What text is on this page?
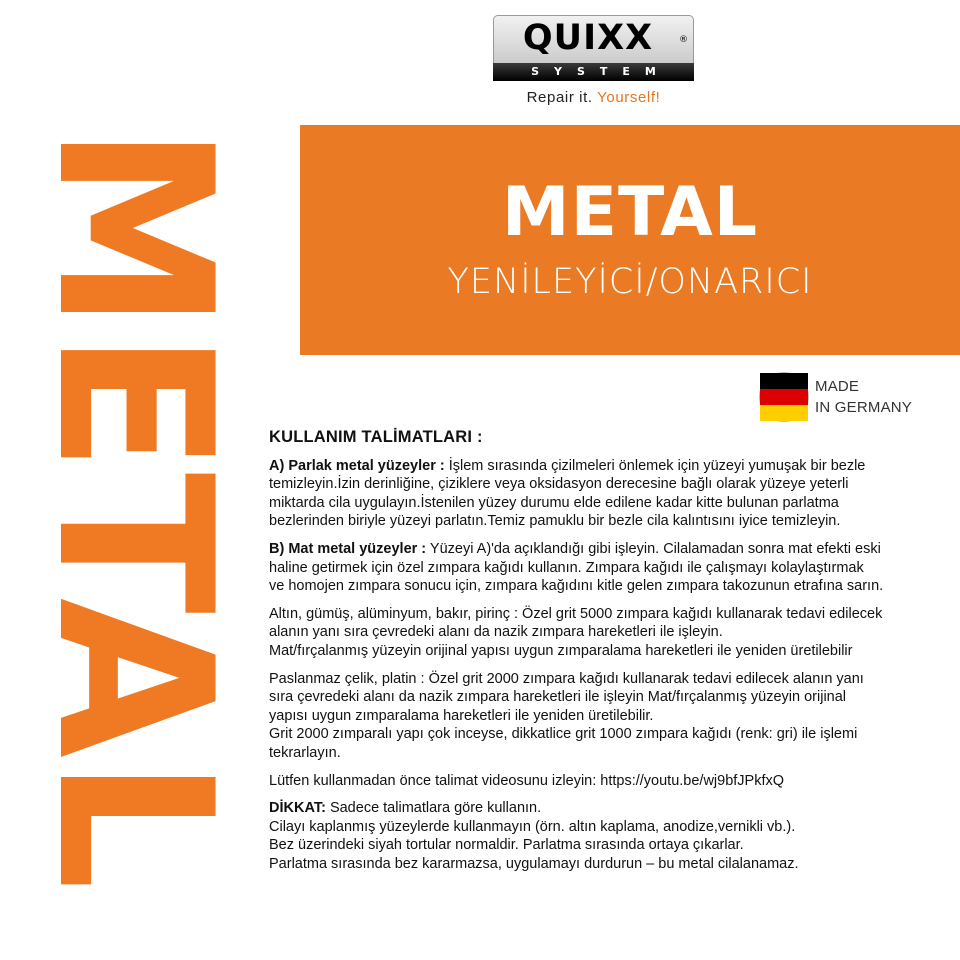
QUIXX	®
SYSTEM
Repair it. Yourself!
METAL	METAL
YENİLEYİCİ/ONARICI
MADE
IN GERMANY
KULLANIM TALİMATLARI :
A) Parlak metal yüzeyler : İşlem sırasında çizilmeleri önlemek için yüzeyi yumuşak bir bezle
temizleyin.İzin derinliğine, çiziklere veya oksidasyon derecesine bağlı olarak yüzeye yeterli
miktarda cila uygulayın.İstenilen yüzey durumu elde edilene kadar kitte bulunan parlatma
bezlerinden biriyle yüzeyi parlatın.Temiz pamuklu bir bezle cila kalıntısını iyice temizleyin.
B) Mat metal yüzeyler : Yüzeyi A)'da açıklandığı gibi işleyin. Cilalamadan sonra mat efekti eski
haline getirmek için özel zımpara kağıdı kullanın. Zımpara kağıdı ile çalışmayı kolaylaştırmak
ve homojen zımpara sonucu için, zımpara kağıdını kitle gelen zımpara takozunun etrafına sarın.
Altın, gümüş, alüminyum, bakır, pirinç : Özel grit 5000 zımpara kağıdı kullanarak tedavi edilecek
alanın yanı sıra çevredeki alanı da nazik zımpara hareketleri ile işleyin.
Mat/fırçalanmış yüzeyin orijinal yapısı uygun zımparalama hareketleri ile yeniden üretilebilir
Paslanmaz çelik, platin : Özel grit 2000 zımpara kağıdı kullanarak tedavi edilecek alanın yanı
sıra çevredeki alanı da nazik zımpara hareketleri ile işleyin Mat/fırçalanmış yüzeyin orijinal
yapısı uygun zımparalama hareketleri ile yeniden üretilebilir.
Grit 2000 zımparalı yapı çok inceyse, dikkatlice grit 1000 zımpara kağıdı (renk: gri) ile işlemi
tekrarlayın.
Lütfen kullanmadan önce talimat videosunu izleyin: https://youtu.be/wj9bfJPkfxQ
DİKKAT: Sadece talimatlara göre kullanın.
Cilayı kaplanmış yüzeylerde kullanmayın (örn. altın kaplama, anodize,vernikli vb.).
Bez üzerindeki siyah tortular normaldir. Parlatma sırasında ortaya çıkarlar.
Parlatma sırasında bez kararmazsa, uygulamayı durdurun – bu metal cilalanamaz.
